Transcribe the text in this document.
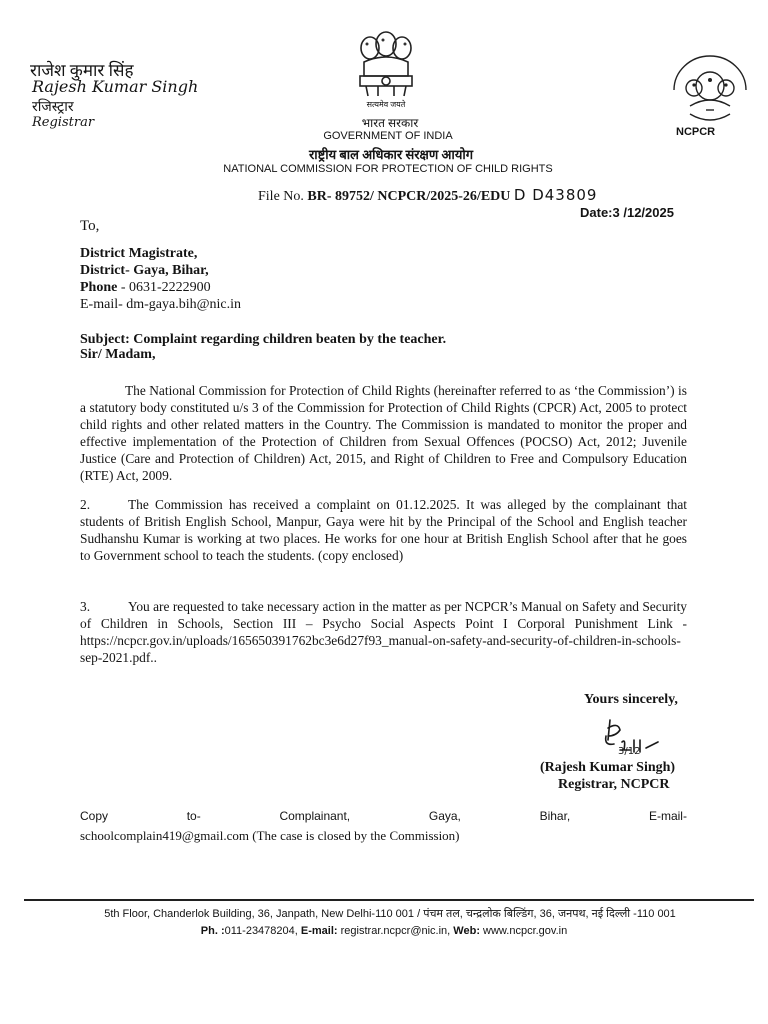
राजेश कुमार सिंह
Rajesh Kumar Singh
रजिस्ट्रार
Registrar
सत्यमेव जयते
भारत सरकार
GOVERNMENT OF INDIA
राष्ट्रीय बाल अधिकार संरक्षण आयोग
NATIONAL COMMISSION FOR PROTECTION OF CHILD RIGHTS
NCPCR
File No. BR- 89752/ NCPCR/2025-26/EDU D D43809
Date:3 /12/2025
To,
District Magistrate,
District- Gaya, Bihar,
Phone - 0631-2222900
E-mail- dm-gaya.bih@nic.in
Subject: Complaint regarding children beaten by the teacher.
Sir/ Madam,
The National Commission for Protection of Child Rights (hereinafter referred to as ‘the Commission’) is a statutory body constituted u/s 3 of the Commission for Protection of Child Rights (CPCR) Act, 2005 to protect child rights and other related matters in the Country. The Commission is mandated to monitor the proper and effective implementation of the Protection of Children from Sexual Offences (POCSO) Act, 2012; Juvenile Justice (Care and Protection of Children) Act, 2015, and Right of Children to Free and Compulsory Education (RTE) Act, 2009.
2.	The Commission has received a complaint on 01.12.2025. It was alleged by the complainant that students of British English School, Manpur, Gaya were hit by the Principal of the School and English teacher Sudhanshu Kumar is working at two places. He works for one hour at British English School after that he goes to Government school to teach the students. (copy enclosed)
3.	You are requested to take necessary action in the matter as per NCPCR’s Manual on Safety and Security of Children in Schools, Section III – Psycho Social Aspects Point I Corporal Punishment Link - https://ncpcr.gov.in/uploads/165650391762bc3e6d27f93_manual-on-safety-and-security-of-children-in-schools-sep-2021.pdf..
Yours sincerely,
3/12
(Rajesh Kumar Singh)
Registrar, NCPCR
Copy	to-	Complainant,	Gaya,	Bihar,	E-mail-
schoolcomplain419@gmail.com (The case is closed by the Commission)
5th Floor, Chanderlok Building, 36, Janpath, New Delhi-110 001 / पंचम तल, चन्द्रलोक बिल्डिंग, 36, जनपथ, नई दिल्ली -110 001
Ph. :011-23478204, E-mail: registrar.ncpcr@nic.in, Web: www.ncpcr.gov.in
